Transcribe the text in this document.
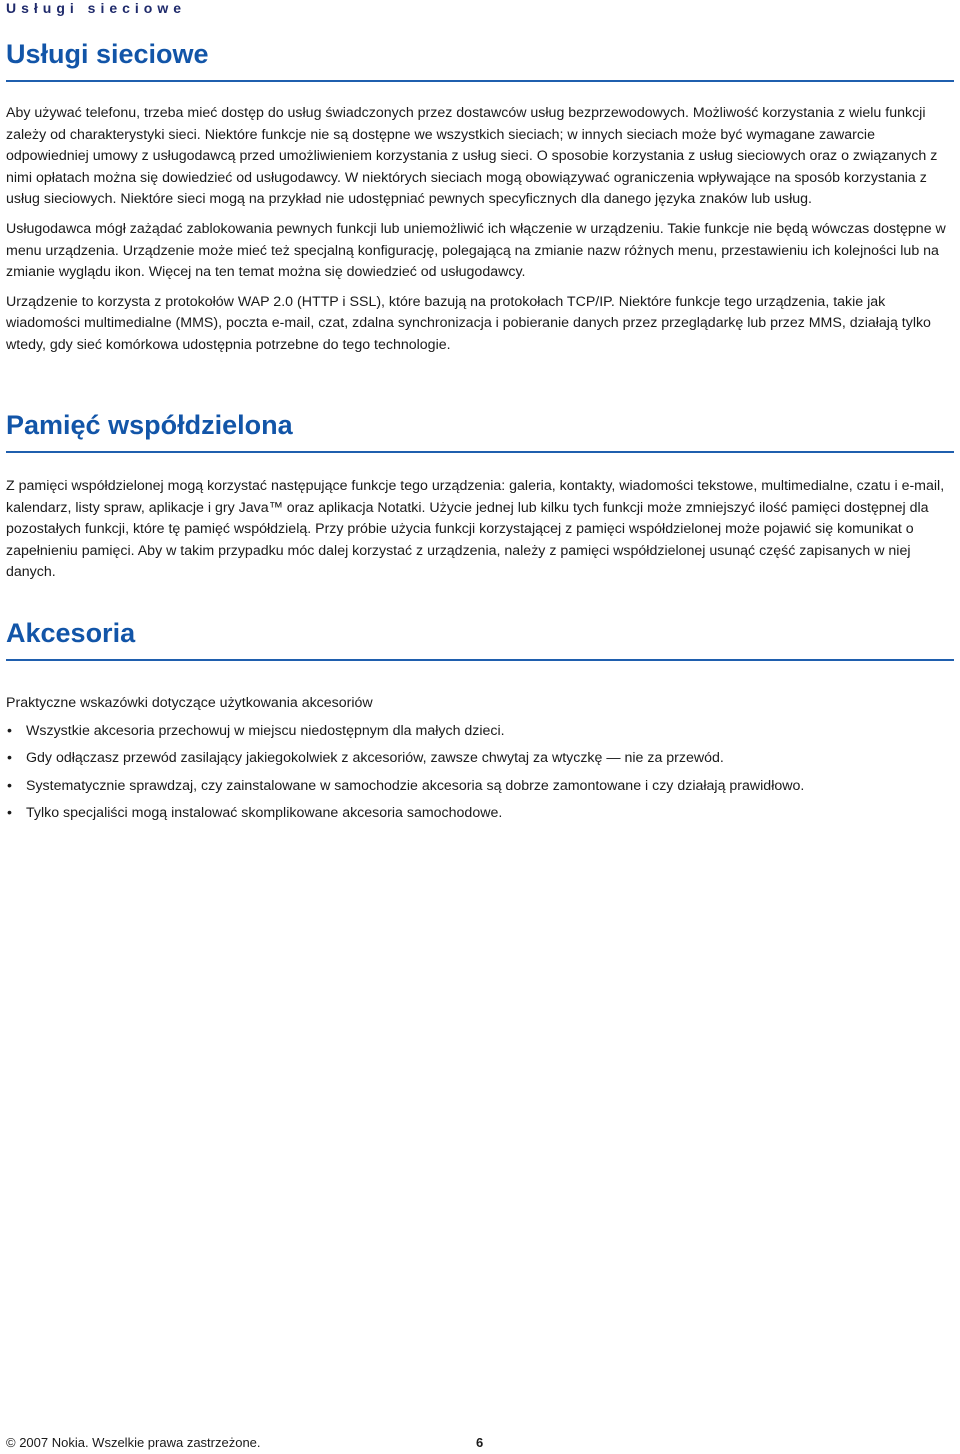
Usługi sieciowe
Usługi sieciowe

Aby używać telefonu, trzeba mieć dostęp do usług świadczonych przez dostawców usług bezprzewodowych. Możliwość korzystania z wielu funkcji zależy od charakterystyki sieci. Niektóre funkcje nie są dostępne we wszystkich sieciach; w innych sieciach może być wymagane zawarcie odpowiedniej umowy z usługodawcą przed umożliwieniem korzystania z usług sieci. O sposobie korzystania z usług sieciowych oraz o związanych z nimi opłatach można się dowiedzieć od usługodawcy. W niektórych sieciach mogą obowiązywać ograniczenia wpływające na sposób korzystania z usług sieciowych. Niektóre sieci mogą na przykład nie udostępniać pewnych specyficznych dla danego języka znaków lub usług.

Usługodawca mógł zażądać zablokowania pewnych funkcji lub uniemożliwić ich włączenie w urządzeniu. Takie funkcje nie będą wówczas dostępne w menu urządzenia. Urządzenie może mieć też specjalną konfigurację, polegającą na zmianie nazw różnych menu, przestawieniu ich kolejności lub na zmianie wyglądu ikon. Więcej na ten temat można się dowiedzieć od usługodawcy.

Urządzenie to korzysta z protokołów WAP 2.0 (HTTP i SSL), które bazują na protokołach TCP/IP. Niektóre funkcje tego urządzenia, takie jak wiadomości multimedialne (MMS), poczta e-mail, czat, zdalna synchronizacja i pobieranie danych przez przeglądarkę lub przez MMS, działają tylko wtedy, gdy sieć komórkowa udostępnia potrzebne do tego technologie.

Pamięć współdzielona

Z pamięci współdzielonej mogą korzystać następujące funkcje tego urządzenia: galeria, kontakty, wiadomości tekstowe, multimedialne, czatu i e-mail, kalendarz, listy spraw, aplikacje i gry Java™ oraz aplikacja Notatki. Użycie jednej lub kilku tych funkcji może zmniejszyć ilość pamięci dostępnej dla pozostałych funkcji, które tę pamięć współdzielą. Przy próbie użycia funkcji korzystającej z pamięci współdzielonej może pojawić się komunikat o zapełnieniu pamięci. Aby w takim przypadku móc dalej korzystać z urządzenia, należy z pamięci współdzielonej usunąć część zapisanych w niej danych.

Akcesoria

Praktyczne wskazówki dotyczące użytkowania akcesoriów

• Wszystkie akcesoria przechowuj w miejscu niedostępnym dla małych dzieci.
• Gdy odłączasz przewód zasilający jakiegokolwiek z akcesoriów, zawsze chwytaj za wtyczkę — nie za przewód.
• Systematycznie sprawdzaj, czy zainstalowane w samochodzie akcesoria są dobrze zamontowane i czy działają prawidłowo.
• Tylko specjaliści mogą instalować skomplikowane akcesoria samochodowe.
© 2007 Nokia. Wszelkie prawa zastrzeżone.	6
